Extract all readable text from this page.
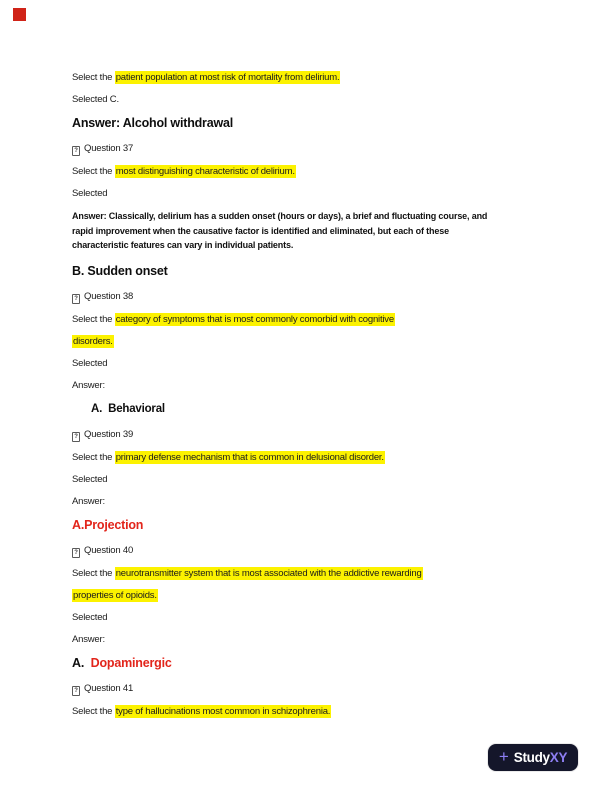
Select the patient population at most risk of mortality from delirium.
Selected C.
Answer: Alcohol withdrawal
? Question 37
Select the most distinguishing characteristic of delirium.
Selected
Answer: Classically, delirium has a sudden onset (hours or days), a brief and fluctuating course, and
rapid improvement when the causative factor is identified and eliminated, but each of these
characteristic features can vary in individual patients.
B. Sudden onset
? Question 38
Select the category of symptoms that is most commonly comorbid with cognitive
disorders.
Selected
Answer:
A.  Behavioral
? Question 39
Select the primary defense mechanism that is common in delusional disorder.
Selected
Answer:
A.Projection
? Question 40
Select the neurotransmitter system that is most associated with the addictive rewarding
properties of opioids.
Selected
Answer:
A.  Dopaminergic
? Question 41
Select the type of hallucinations most common in schizophrenia.
+ Study XY
